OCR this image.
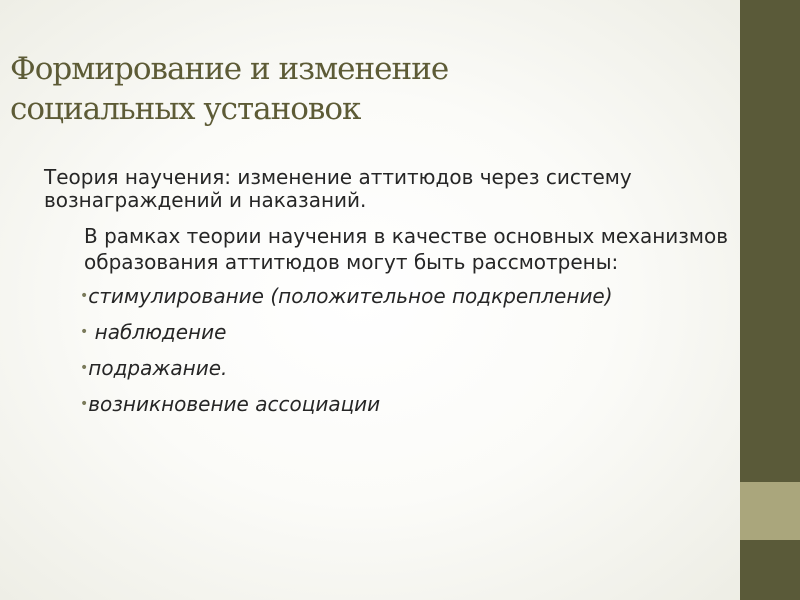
Формирование и изменение
социальных установок

Теория научения: изменение аттитюдов через систему вознаграждений и наказаний.

В рамках теории научения в качестве основных механизмов образования аттитюдов могут быть рассмотрены:

•стимулирование (положительное подкрепление)
• наблюдение
•подражание.
•возникновение ассоциации
